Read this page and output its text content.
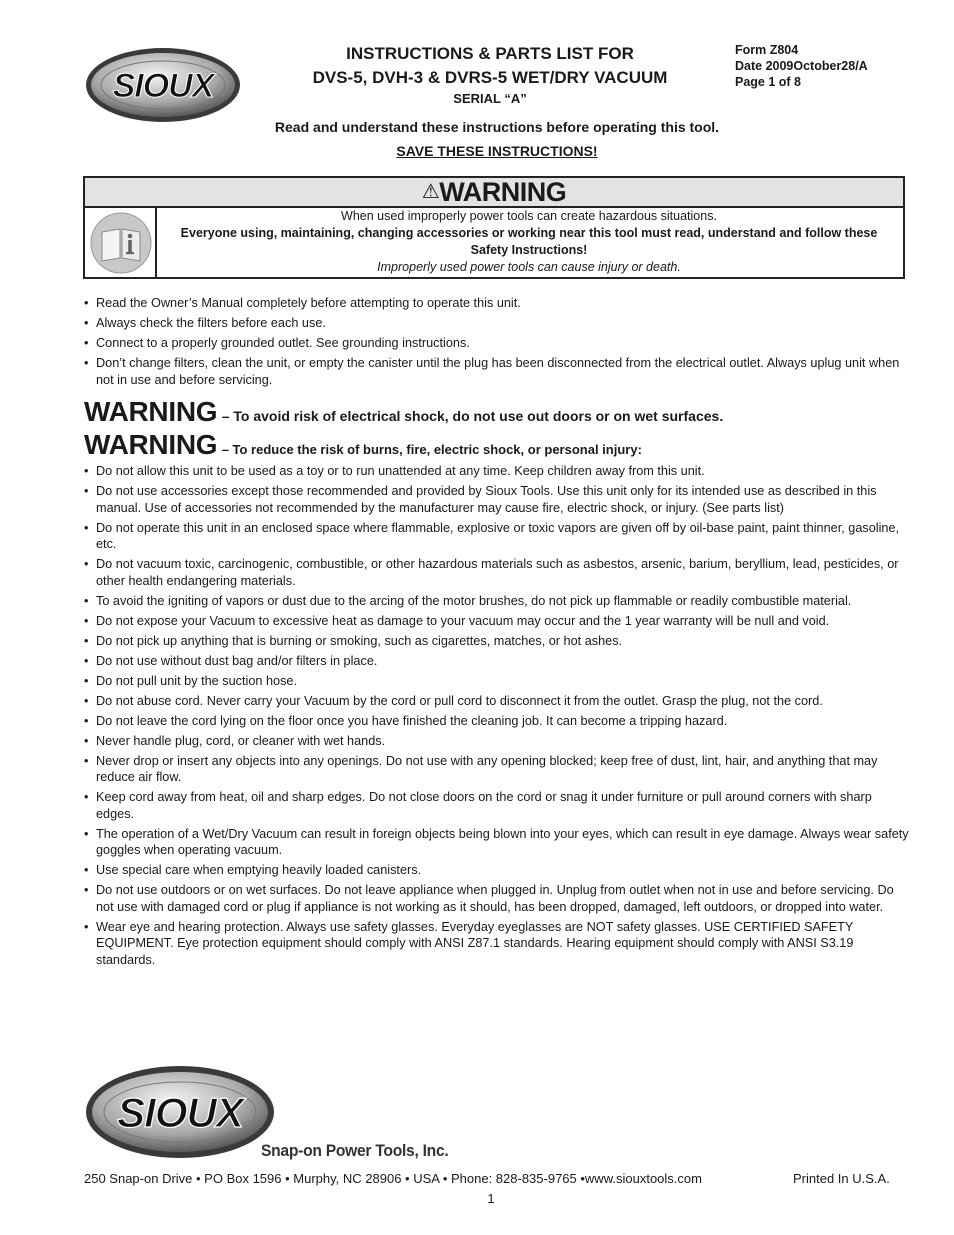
SIOUX
INSTRUCTIONS & PARTS LIST FOR
DVS-5, DVH-3 & DVRS-5 WET/DRY VACUUM
SERIAL “A”
Form Z804
Date 2009October28/A
Page 1 of 8
Read and understand these instructions before operating this tool.
SAVE THESE INSTRUCTIONS!
⚠WARNING
When used improperly power tools can create hazardous situations.
Everyone using, maintaining, changing accessories or working near this tool must read, understand and follow these Safety Instructions!
Improperly used power tools can cause injury or death.
• Read the Owner’s Manual completely before attempting to operate this unit.
• Always check the filters before each use.
• Connect to a properly grounded outlet. See grounding instructions.
• Don’t change filters, clean the unit, or empty the canister until the plug has been disconnected from the electrical outlet. Always uplug unit when not in use and before servicing.
WARNING – To avoid risk of electrical shock, do not use out doors or on wet surfaces.
WARNING – To reduce the risk of burns, fire, electric shock, or personal injury:
• Do not allow this unit to be used as a toy or to run unattended at any time. Keep children away from this unit.
• Do not use accessories except those recommended and provided by Sioux Tools. Use this unit only for its intended use as described in this manual. Use of accessories not recommended by the manufacturer may cause fire, electric shock, or injury. (See parts list)
• Do not operate this unit in an enclosed space where flammable, explosive or toxic vapors are given off by oil-base paint, paint thinner, gasoline, etc.
• Do not vacuum toxic, carcinogenic, combustible, or other hazardous materials such as asbestos, arsenic, barium, beryllium, lead, pesticides, or other health endangering materials.
• To avoid the igniting of vapors or dust due to the arcing of the motor brushes, do not pick up flammable or readily combustible material.
• Do not expose your Vacuum to excessive heat as damage to your vacuum may occur and the 1 year warranty will be null and void.
• Do not pick up anything that is burning or smoking, such as cigarettes, matches, or hot ashes.
• Do not use without dust bag and/or filters in place.
• Do not pull unit by the suction hose.
• Do not abuse cord. Never carry your Vacuum by the cord or pull cord to disconnect it from the outlet. Grasp the plug, not the cord.
• Do not leave the cord lying on the floor once you have finished the cleaning job. It can become a tripping hazard.
• Never handle plug, cord, or cleaner with wet hands.
• Never drop or insert any objects into any openings. Do not use with any opening blocked; keep free of dust, lint, hair, and anything that may reduce air flow.
• Keep cord away from heat, oil and sharp edges. Do not close doors on the cord or snag it under furniture or pull around corners with sharp edges.
• The operation of a Wet/Dry Vacuum can result in foreign objects being blown into your eyes, which can result in eye damage. Always wear safety goggles when operating vacuum.
• Use special care when emptying heavily loaded canisters.
• Do not use outdoors or on wet surfaces. Do not leave appliance when plugged in. Unplug from outlet when not in use and before servicing. Do not use with damaged cord or plug if appliance is not working as it should, has been dropped, damaged, left outdoors, or dropped into water.
• Wear eye and hearing protection. Always use safety glasses. Everyday eyeglasses are NOT safety glasses. USE CERTIFIED SAFETY EQUIPMENT. Eye protection equipment should comply with ANSI Z87.1 standards. Hearing equipment should comply with ANSI S3.19 standards.
SIOUX
Snap-on Power Tools, Inc.
250 Snap-on Drive • PO Box 1596 • Murphy, NC 28906 • USA • Phone: 828-835-9765 •www.siouxtools.com	Printed In U.S.A.
1
